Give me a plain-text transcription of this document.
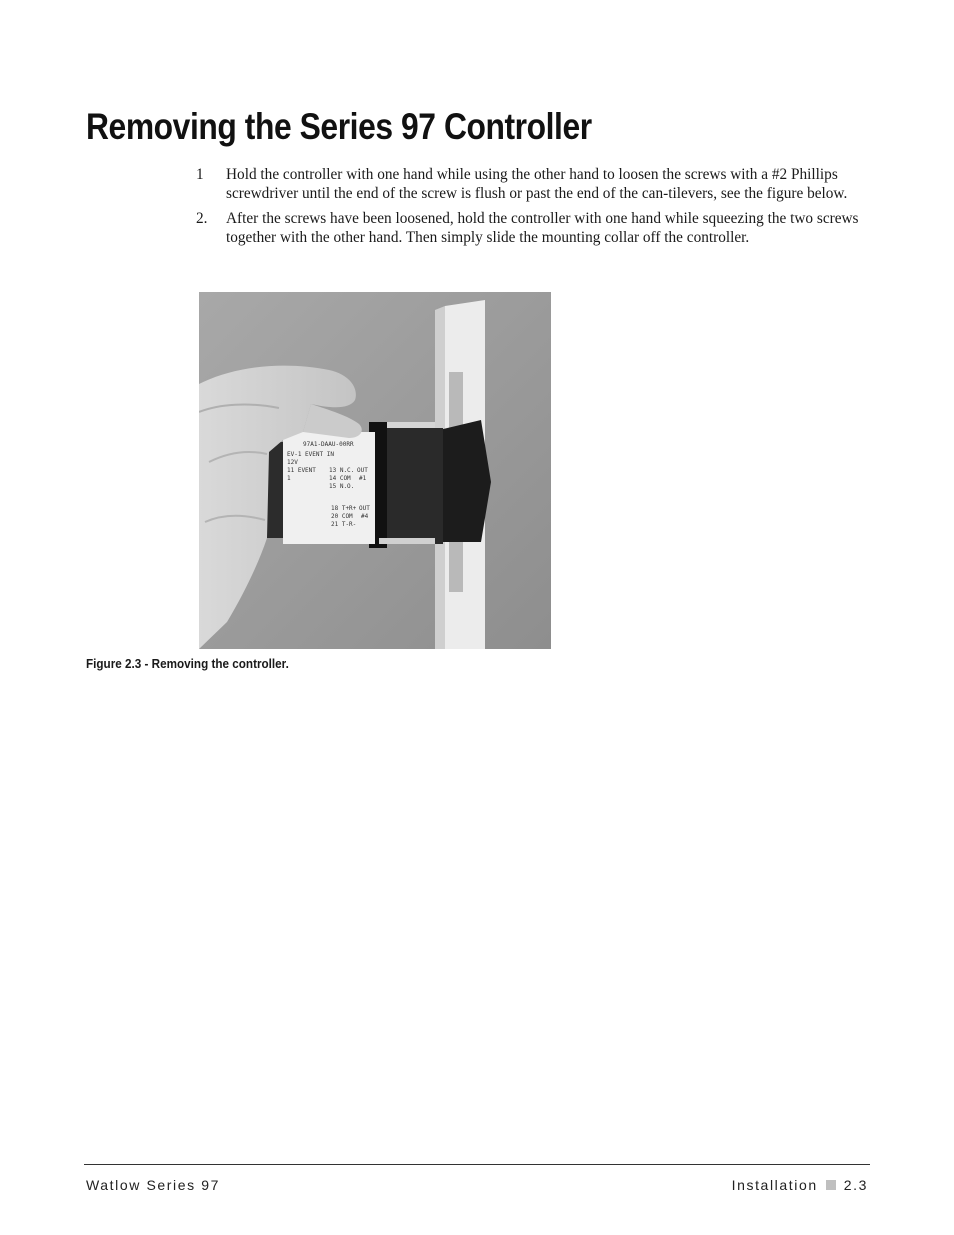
Removing the Series 97 Controller
1	Hold the controller with one hand while using the other hand to loosen the screws with a #2 Phillips screwdriver until the end of the screw is flush or past the end of the can-tilevers, see the figure below.
2.	After the screws have been loosened, hold the controller with one hand while squeezing the two screws together with the other hand. Then simply slide the mounting collar off the controller.
97A1-DAAU-00RR
EV-1 EVENT IN
12V
11 EVENT
1
13 N.C.
14 COM
15 N.O.
OUT
#1
18 T+R+
20 COM
21 T-R-
OUT
#4
Figure 2.3 - Removing the controller.
Watlow Series 97	Installation 2.3
